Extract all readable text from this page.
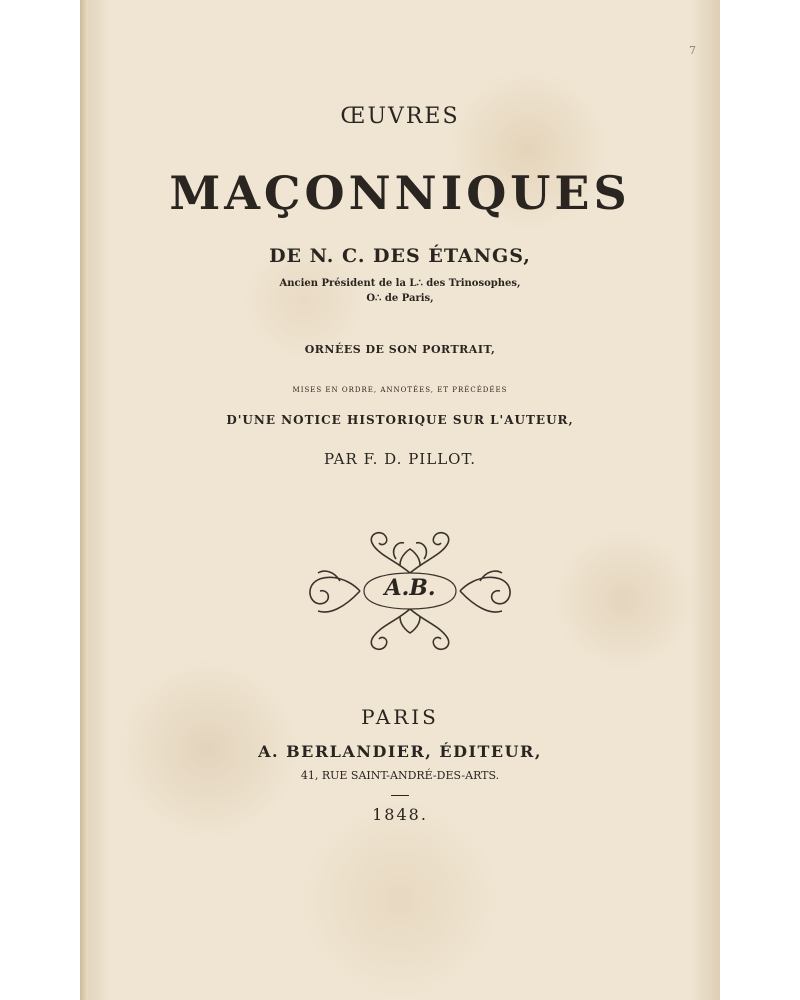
7
ŒUVRES
MAÇONNIQUES
DE N. C. DES ÉTANGS,
Ancien Président de la L∴ des Trinosophes,
O∴ de Paris,
ORNÉES DE SON PORTRAIT,
MISES EN ORDRE, ANNOTÉES, ET PRÉCÉDÉES
D'UNE NOTICE HISTORIQUE SUR L'AUTEUR,
PAR F. D. PILLOT.
A.B.
PARIS
A. BERLANDIER, ÉDITEUR,
41, RUE SAINT-ANDRÉ-DES-ARTS.
1848.
